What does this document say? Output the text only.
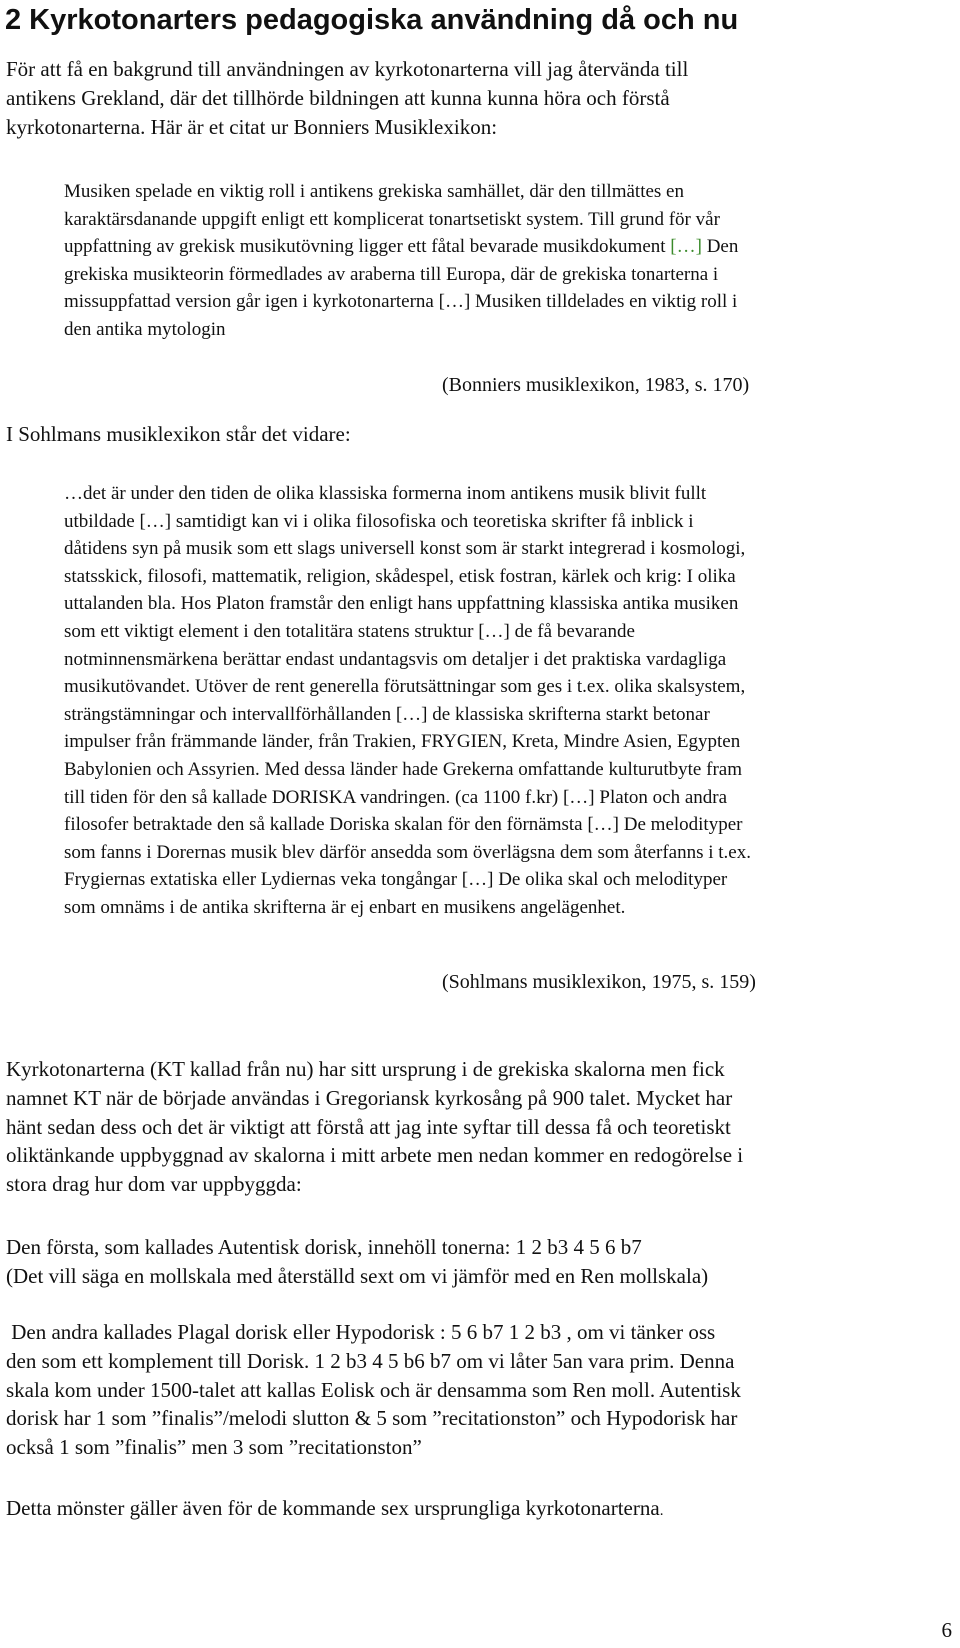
2 Kyrkotonarters pedagogiska användning då och nu

För att få en bakgrund till användningen av kyrkotonarterna vill jag återvända till
antikens Grekland, där det tillhörde bildningen att kunna kunna höra och förstå
kyrkotonarterna. Här är et citat ur Bonniers Musiklexikon:

Musiken spelade en viktig roll i antikens grekiska samhället, där den tillmättes en
karaktärsdanande uppgift enligt ett komplicerat tonartsetiskt system. Till grund för vår
uppfattning av grekisk musikutövning ligger ett fåtal bevarade musikdokument […] Den
grekiska musikteorin förmedlades av araberna till Europa, där de grekiska tonarterna i
missuppfattad version går igen i kyrkotonarterna […] Musiken tilldelades en viktig roll i
den antika mytologin

(Bonniers musiklexikon, 1983, s. 170)

I Sohlmans musiklexikon står det vidare:

…det är under den tiden de olika klassiska formerna inom antikens musik blivit fullt
utbildade […] samtidigt kan vi i olika filosofiska och teoretiska skrifter få inblick i
dåtidens syn på musik som ett slags universell konst som är starkt integrerad i kosmologi,
statsskick, filosofi, mattematik, religion, skådespel, etisk fostran, kärlek och krig: I olika
uttalanden bla. Hos Platon framstår den enligt hans uppfattning klassiska antika musiken
som ett viktigt element i den totalitära statens struktur […] de få bevarande
notminnensmärkena berättar endast undantagsvis om detaljer i det praktiska vardagliga
musikutövandet. Utöver de rent generella förutsättningar som ges i t.ex. olika skalsystem,
strängstämningar och intervallförhållanden […] de klassiska skrifterna starkt betonar
impulser från främmande länder, från Trakien, FRYGIEN, Kreta, Mindre Asien, Egypten
Babylonien och Assyrien. Med dessa länder hade Grekerna omfattande kulturutbyte fram
till tiden för den så kallade DORISKA vandringen. (ca 1100 f.kr) […] Platon och andra
filosofer betraktade den så kallade Doriska skalan för den förnämsta […] De melodityper
som fanns i Dorernas musik blev därför ansedda som överlägsna dem som återfanns i t.ex.
Frygiernas extatiska eller Lydiernas veka tongångar […] De olika skal och melodityper
som omnäms i de antika skrifterna är ej enbart en musikens angelägenhet.

(Sohlmans musiklexikon, 1975, s. 159)

Kyrkotonarterna (KT kallad från nu) har sitt ursprung i de grekiska skalorna men fick
namnet KT när de började användas i Gregoriansk kyrkosång på 900 talet. Mycket har
hänt sedan dess och det är viktigt att förstå att jag inte syftar till dessa få och teoretiskt
oliktänkande uppbyggnad av skalorna i mitt arbete men nedan kommer en redogörelse i
stora drag hur dom var uppbyggda:

Den första, som kallades Autentisk dorisk, innehöll tonerna: 1 2 b3 4 5 6 b7
(Det vill säga en mollskala med återställd sext om vi jämför med en Ren mollskala)

Den andra kallades Plagal dorisk eller Hypodorisk : 5 6 b7 1 2 b3 , om vi tänker oss
den som ett komplement till Dorisk. 1 2 b3 4 5 b6 b7 om vi låter 5an vara prim. Denna
skala kom under 1500-talet att kallas Eolisk och är densamma som Ren moll. Autentisk
dorisk har 1 som ”finalis”/melodi slutton & 5 som ”recitationston” och Hypodorisk har
också 1 som ”finalis” men 3 som ”recitationston”

Detta mönster gäller även för de kommande sex ursprungliga kyrkotonarterna.

6
